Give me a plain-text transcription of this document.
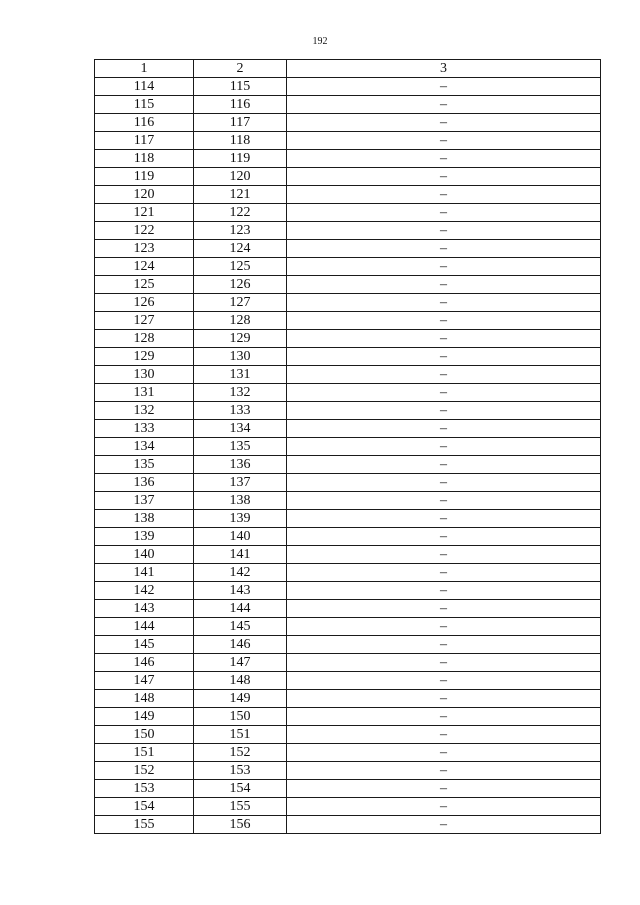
192
1	2	3
114	115	–
115	116	–
116	117	–
117	118	–
118	119	–
119	120	–
120	121	–
121	122	–
122	123	–
123	124	–
124	125	–
125	126	–
126	127	–
127	128	–
128	129	–
129	130	–
130	131	–
131	132	–
132	133	–
133	134	–
134	135	–
135	136	–
136	137	–
137	138	–
138	139	–
139	140	–
140	141	–
141	142	–
142	143	–
143	144	–
144	145	–
145	146	–
146	147	–
147	148	–
148	149	–
149	150	–
150	151	–
151	152	–
152	153	–
153	154	–
154	155	–
155	156	–
